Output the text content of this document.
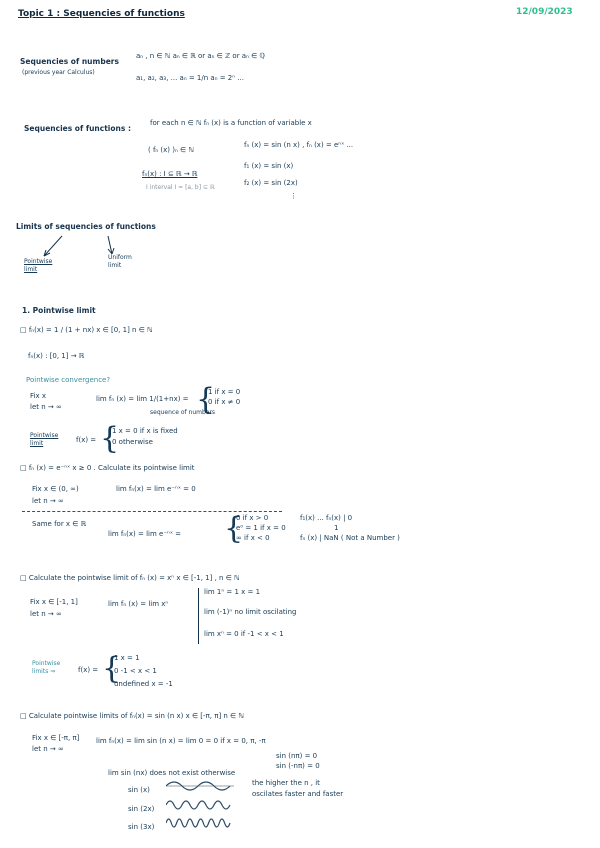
Topic 1 : Sequencies of functions	12/09/2023
Sequencies of numbers
(previous year Calculus)
aₙ , n ∈ ℕ aₙ ∈ ℝ or aₙ ∈ ℤ or aₙ ∈ ℚ
a₁, a₂, a₃, ... aₙ = 1/n aₙ = 2ⁿ ...
Sequencies of functions :
for each n ∈ ℕ fₙ (x) is a function of variable x
( fₙ (x) )ₙ ∈ ℕ
fₙ (x) = sin (n x) , fₙ (x) = eⁿˣ ...
fₙ(x) : I ⊆ ℝ → ℝ
I interval I = [a, b] ⊆ ℝ
f₁ (x) = sin (x)
f₂ (x) = sin (2x)
⋮
Limits of sequencies of functions
Pointwise
limit
Uniform
limit
1. Pointwise limit
□ fₙ(x) = 1 / (1 + nx) x ∈ [0, 1] n ∈ ℕ
fₙ(x) : [0, 1] → ℝ
Pointwise convergence?
Fix x
let n → ∞
lim fₙ (x) = lim 1/(1+nx) = {
1 if x = 0
0 if x ≠ 0
sequence of numbers
Pointwise
limit	f(x) = {
1 x = 0 if x is fixed
0 otherwise
□ fₙ (x) = e⁻ⁿˣ x ≥ 0 . Calculate its pointwise limit
Fix x ∈ (0, ∞)
let n → ∞
lim fₙ(x) = lim e⁻ⁿˣ = 0
Same for x ∈ ℝ
lim fₙ(x) = lim e⁻ⁿˣ = {
0 if x > 0
e⁰ = 1 if x = 0
∞ if x < 0
f₁(x) ... fₙ(x) | 0
1
fₙ (x) | NaN ( Not a Number )
□ Calculate the pointwise limit of fₙ (x) = xⁿ x ∈ [-1, 1] , n ∈ ℕ
Fix x ∈ [-1, 1]
let n → ∞
lim fₙ (x) = lim xⁿ
lim 1ⁿ = 1 x = 1
lim (-1)ⁿ no limit oscilating
lim xⁿ = 0 if -1 < x < 1
Pointwise
limits ⇒	f(x) = {
1 x = 1
0 -1 < x < 1
undefined x = -1
□ Calculate pointwise limits of fₙ(x) = sin (n x) x ∈ [-π, π] n ∈ ℕ
Fix x ∈ [-π, π]
let n → ∞
lim fₙ(x) = lim sin (n x) = lim 0 = 0 if x = 0, π, -π
lim sin (nx) does not exist otherwise
sin (nπ) = 0
sin (-nπ) = 0
sin (x)
sin (2x)
sin (3x)
the higher the n , it
oscilates faster and faster
